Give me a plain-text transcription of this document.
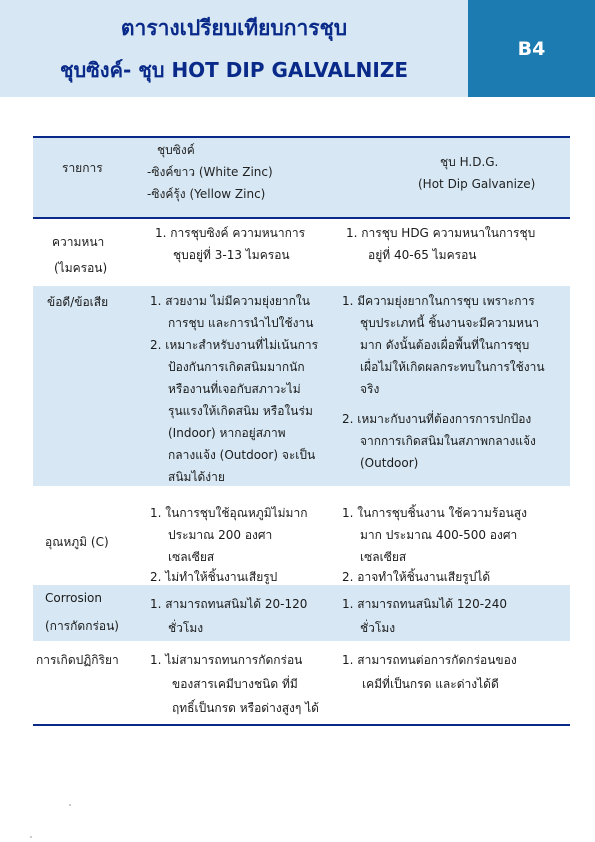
ตารางเปรียบเทียบการชุบ
ชุบซิงค์- ชุบ HOT DIP GALVALNIZE
B4
รายการ
ชุบซิงค์
-ซิงค์ขาว (White Zinc)
-ซิงค์รุ้ง (Yellow Zinc)
ชุบ H.D.G.
(Hot Dip Galvanize)
ความหนา
(ไมครอน)
1. การชุบซิงค์ ความหนาการ
ชุบอยู่ที่ 3-13 ไมครอน
1. การชุบ HDG ความหนาในการชุบ
อยู่ที่ 40-65 ไมครอน
ข้อดี/ข้อเสีย	1. สวยงาม ไม่มีความยุ่งยากใน
การชุบ และการนำไปใช้งาน
2. เหมาะสำหรับงานที่ไม่เน้นการ
ป้องกันการเกิดสนิมมากนัก
หรืองานที่เจอกับสภาวะไม่
รุนแรงให้เกิดสนิม หรือในร่ม
(Indoor) หากอยู่สภาพ
กลางแจ้ง (Outdoor) จะเป็น
สนิมได้ง่าย
1. มีความยุ่งยากในการชุบ เพราะการ
ชุบประเภทนี้ ชิ้นงานจะมีความหนา
มาก ดังนั้นต้องเผื่อพื้นที่ในการชุบ
เผื่อไม่ให้เกิดผลกระทบในการใช้งาน
จริง
2. เหมาะกับงานที่ต้องการการปกป้อง
จากการเกิดสนิมในสภาพกลางแจ้ง
(Outdoor)
อุณหภูมิ (C)
1. ในการชุบใช้อุณหภูมิไม่มาก
ประมาณ 200 องศา
เซลเซียส
2. ไม่ทำให้ชิ้นงานเสียรูป
1. ในการชุบชิ้นงาน ใช้ความร้อนสูง
มาก ประมาณ 400-500 องศา
เซลเซียส
2. อาจทำให้ชิ้นงานเสียรูปได้
Corrosion
(การกัดกร่อน)
1. สามารถทนสนิมได้ 20-120
ชั่วโมง
1. สามารถทนสนิมได้ 120-240
ชั่วโมง
การเกิดปฏิกิริยา	1. ไม่สามารถทนการกัดกร่อน
ของสารเคมีบางชนิด ที่มี
ฤทธิ์เป็นกรด หรือด่างสูงๆ ได้
1. สามารถทนต่อการกัดกร่อนของ
เคมีที่เป็นกรด และด่างได้ดี
